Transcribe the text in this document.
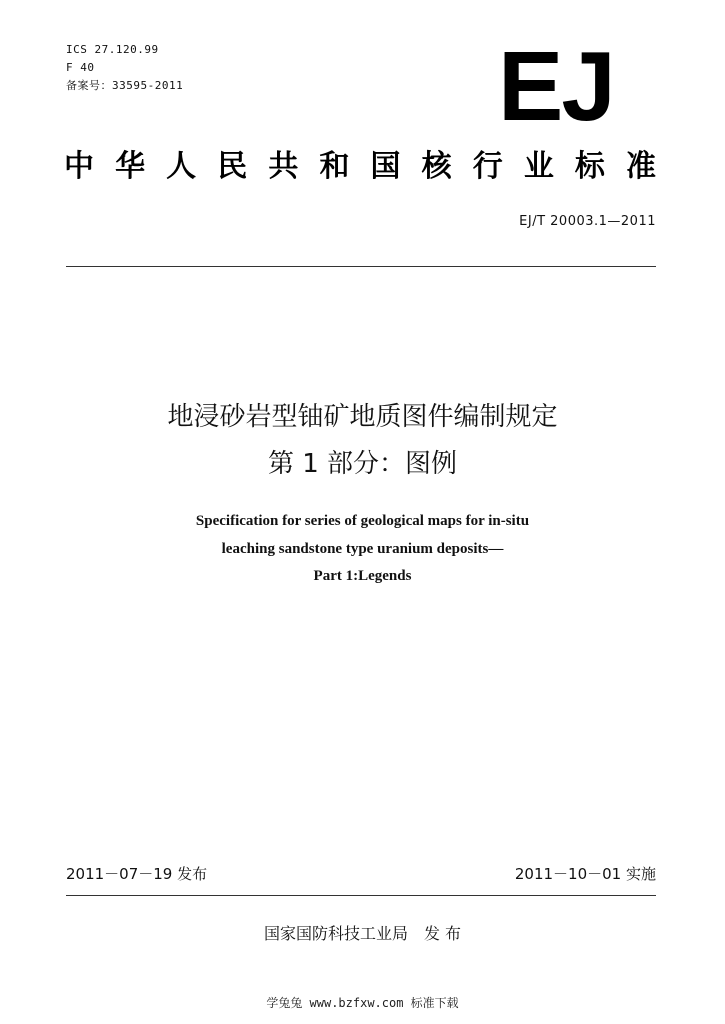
ICS 27.120.99
F 40
备案号：33595-2011	EJ
中华人民共和国核行业标准
EJ/T 20003.1—2011
地浸砂岩型铀矿地质图件编制规定
第 1 部分：图例
Specification for series of geological maps for in-situ
leaching sandstone type uranium deposits—
Part 1:Legends
2011－07－19 发布	2011－10－01 实施
国家国防科技工业局　发 布
学兔兔 www.bzfxw.com 标准下载
